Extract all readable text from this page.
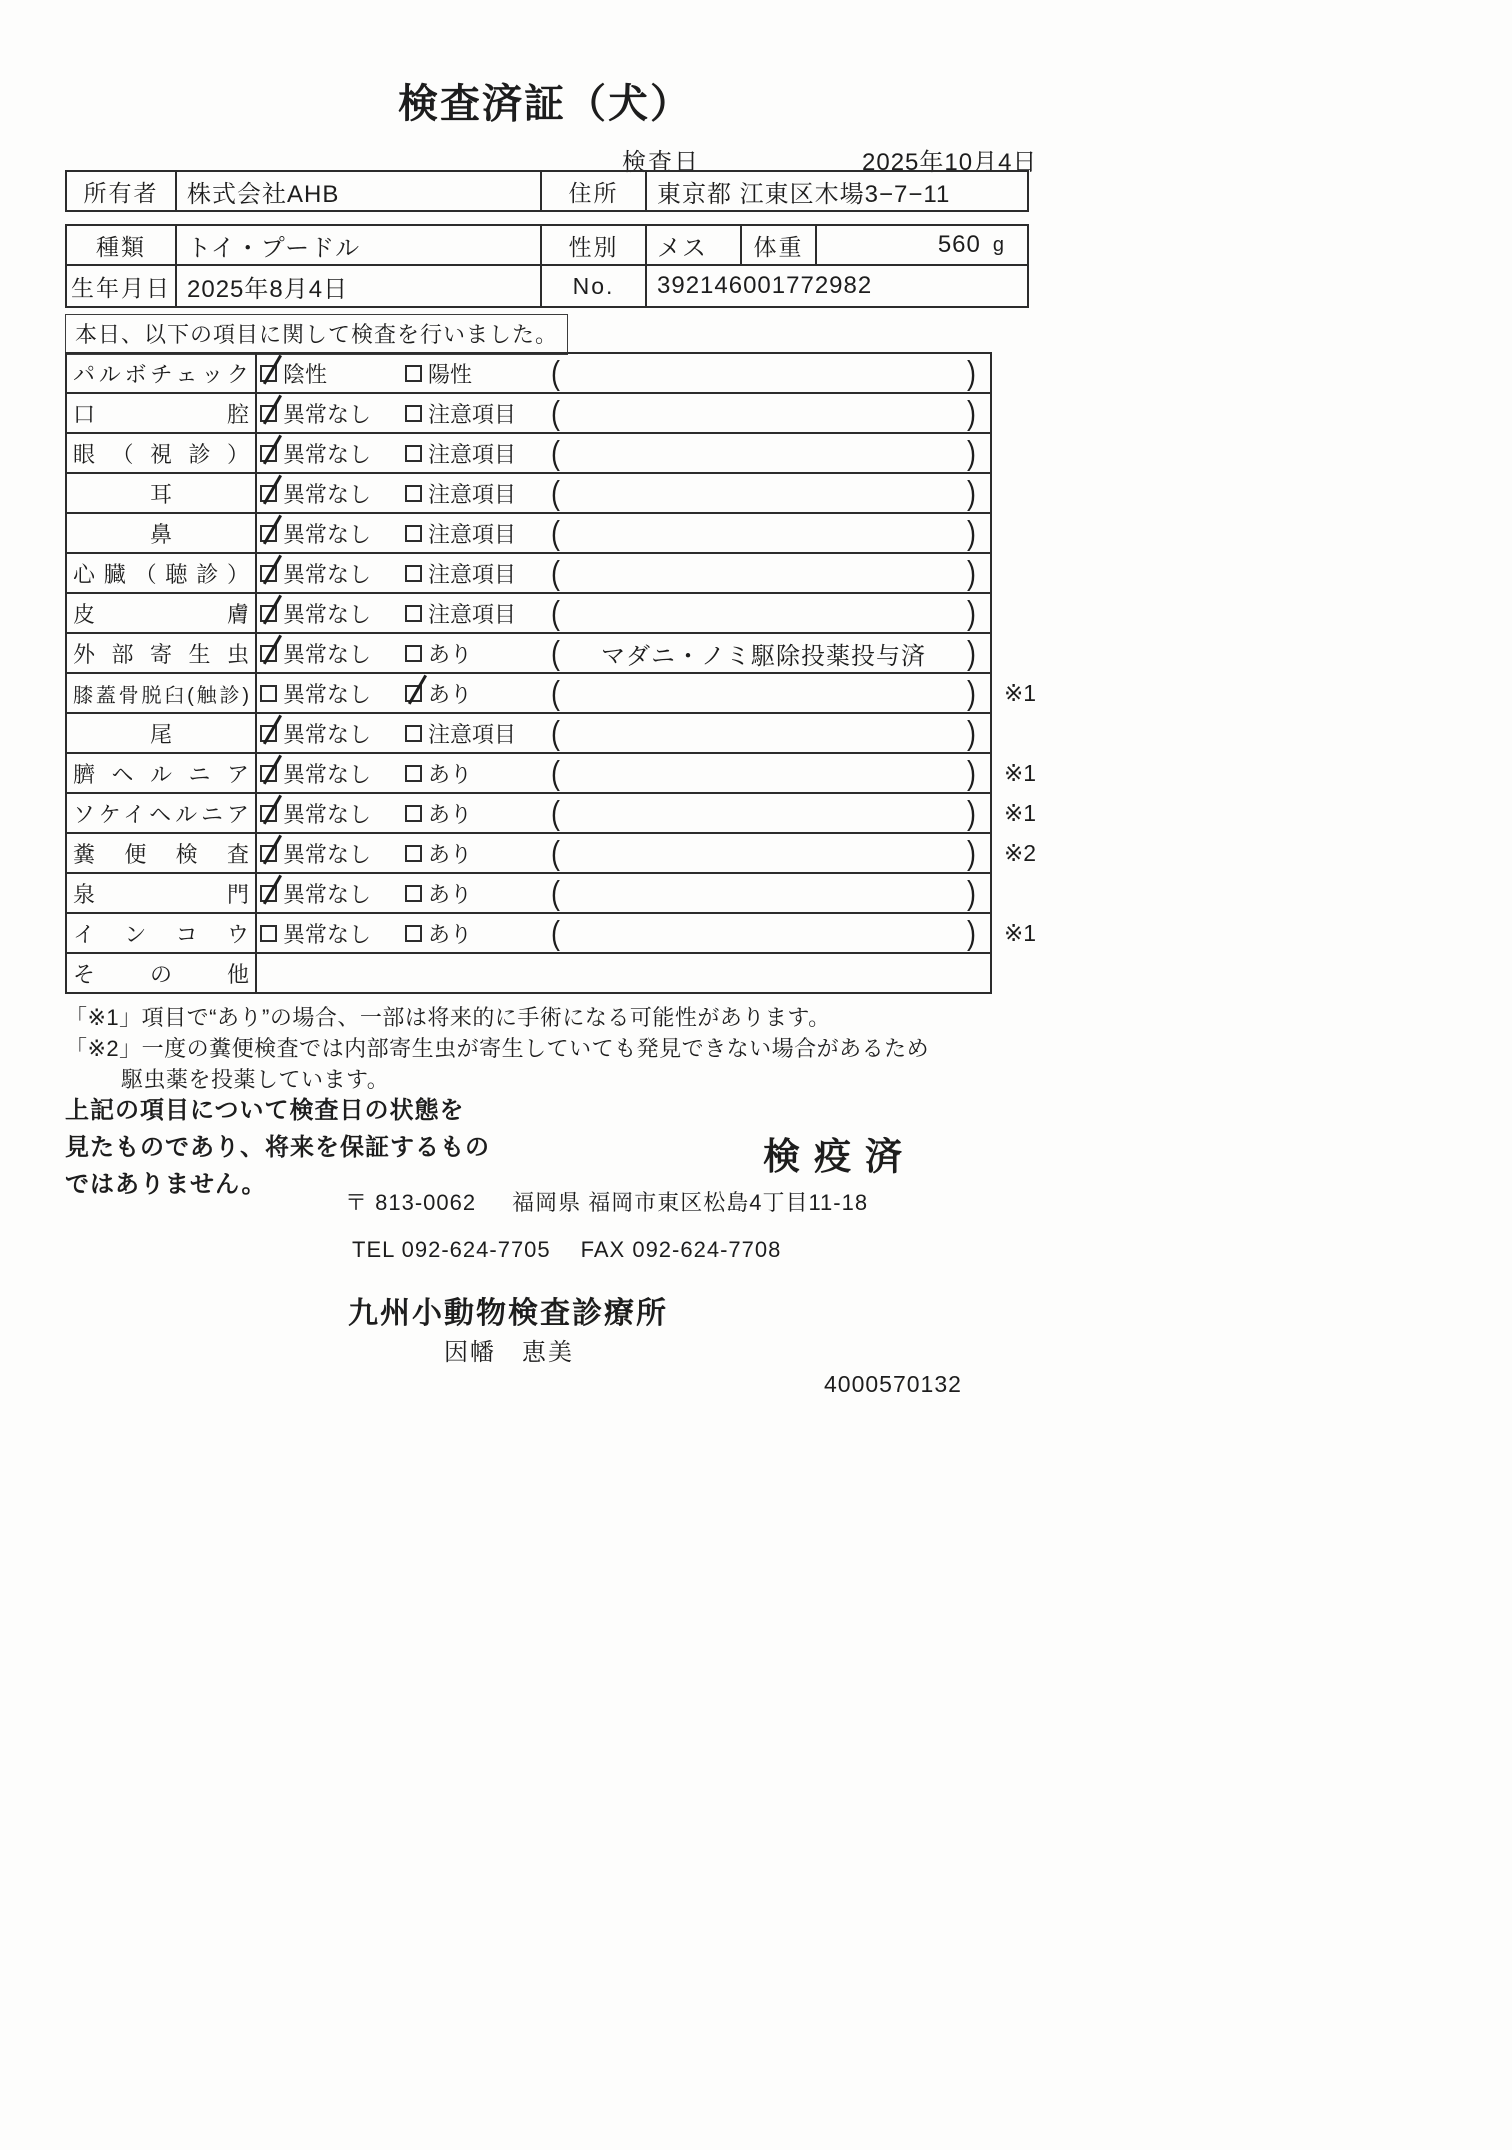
検査済証（犬）
検査日	2025年10月4日
所有者	株式会社AHB	住所	東京都 江東区木場3−7−11
種類	トイ・プードル	性別	メス	体重	560 g
生年月日 2025年8月4日	No.	392146001772982
本日、以下の項目に関して検査を行いました。
パルボチェック 陰性	陽性	(	)
口腔 異常なし	注意項目 (	)
眼（視診） 異常なし	注意項目 (	)
耳	異常なし	注意項目 (	)
鼻	異常なし	注意項目 (	)
心臓（聴診） 異常なし	注意項目 (	)
皮膚 異常なし	注意項目 (	)
外部寄生虫 異常なし	あり	( マダニ・ノミ駆除投薬投与済 )
膝蓋骨脱臼(触診) 異常なし	あり	(	) ※1
尾	異常なし	注意項目 (	)
臍ヘルニア 異常なし	あり	(	) ※1
ソケイヘルニア 異常なし	あり	(	) ※1
糞便検査 異常なし	あり	(	) ※2
泉門 異常なし	あり	(	)
インコウ 異常なし	あり	(	) ※1
その他
「※1」項目で“あり”の場合、一部は将来的に手術になる可能性があります。
「※2」一度の糞便検査では内部寄生虫が寄生していても発見できない場合があるため
駆虫薬を投薬しています。
上記の項目について検査日の状態を
見たものであり、将来を保証するもの
ではありません。
検疫済
〒 813-0062 福岡県 福岡市東区松島4丁目11-18
TEL 092-624-7705 FAX 092-624-7708
九州小動物検査診療所
因幡　恵美
4000570132
